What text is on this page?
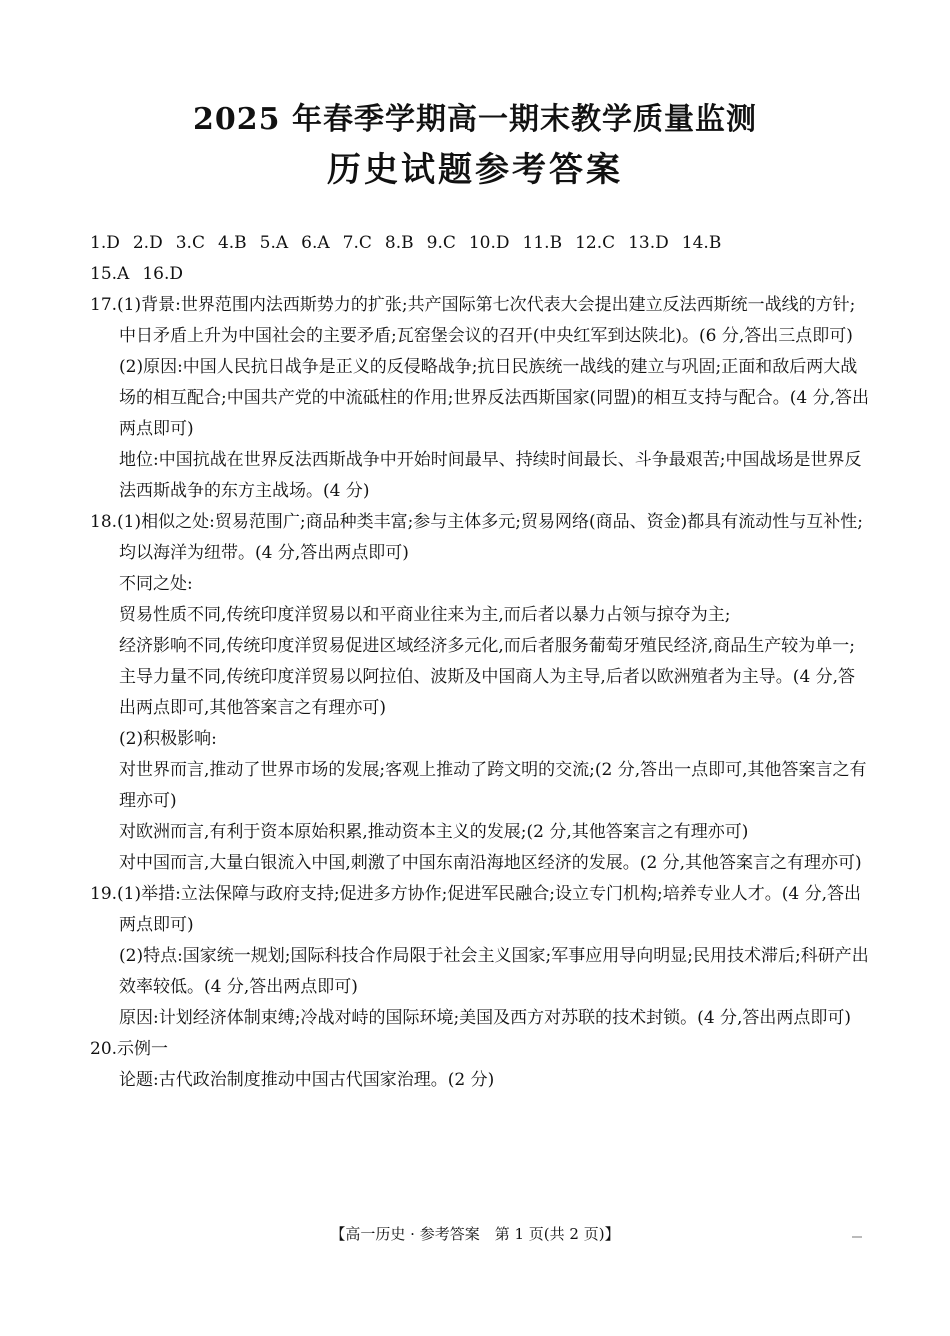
2025 年春季学期高一期末教学质量监测
历史试题参考答案
1.D 2.D 3.C 4.B 5.A 6.A 7.C 8.B 9.C 10.D 11.B 12.C 13.D 14.B
15.A 16.D
17.(1)背景:世界范围内法西斯势力的扩张;共产国际第七次代表大会提出建立反法西斯统一战线的方针;中日矛盾上升为中国社会的主要矛盾;瓦窑堡会议的召开(中央红军到达陕北)。(6 分,答出三点即可)
(2)原因:中国人民抗日战争是正义的反侵略战争;抗日民族统一战线的建立与巩固;正面和敌后两大战场的相互配合;中国共产党的中流砥柱的作用;世界反法西斯国家(同盟)的相互支持与配合。(4 分,答出两点即可)
地位:中国抗战在世界反法西斯战争中开始时间最早、持续时间最长、斗争最艰苦;中国战场是世界反法西斯战争的东方主战场。(4 分)
18.(1)相似之处:贸易范围广;商品种类丰富;参与主体多元;贸易网络(商品、资金)都具有流动性与互补性;均以海洋为纽带。(4 分,答出两点即可)
不同之处:
贸易性质不同,传统印度洋贸易以和平商业往来为主,而后者以暴力占领与掠夺为主;
经济影响不同,传统印度洋贸易促进区域经济多元化,而后者服务葡萄牙殖民经济,商品生产较为单一;
主导力量不同,传统印度洋贸易以阿拉伯、波斯及中国商人为主导,后者以欧洲殖者为主导。(4 分,答出两点即可,其他答案言之有理亦可)
(2)积极影响:
对世界而言,推动了世界市场的发展;客观上推动了跨文明的交流;(2 分,答出一点即可,其他答案言之有理亦可)
对欧洲而言,有利于资本原始积累,推动资本主义的发展;(2 分,其他答案言之有理亦可)
对中国而言,大量白银流入中国,刺激了中国东南沿海地区经济的发展。(2 分,其他答案言之有理亦可)
19.(1)举措:立法保障与政府支持;促进多方协作;促进军民融合;设立专门机构;培养专业人才。(4 分,答出两点即可)
(2)特点:国家统一规划;国际科技合作局限于社会主义国家;军事应用导向明显;民用技术滞后;科研产出效率较低。(4 分,答出两点即可)
原因:计划经济体制束缚;冷战对峙的国际环境;美国及西方对苏联的技术封锁。(4 分,答出两点即可)
20.示例一
论题:古代政治制度推动中国古代国家治理。(2 分)
【高一历史 · 参考答案　第 1 页(共 2 页)】
